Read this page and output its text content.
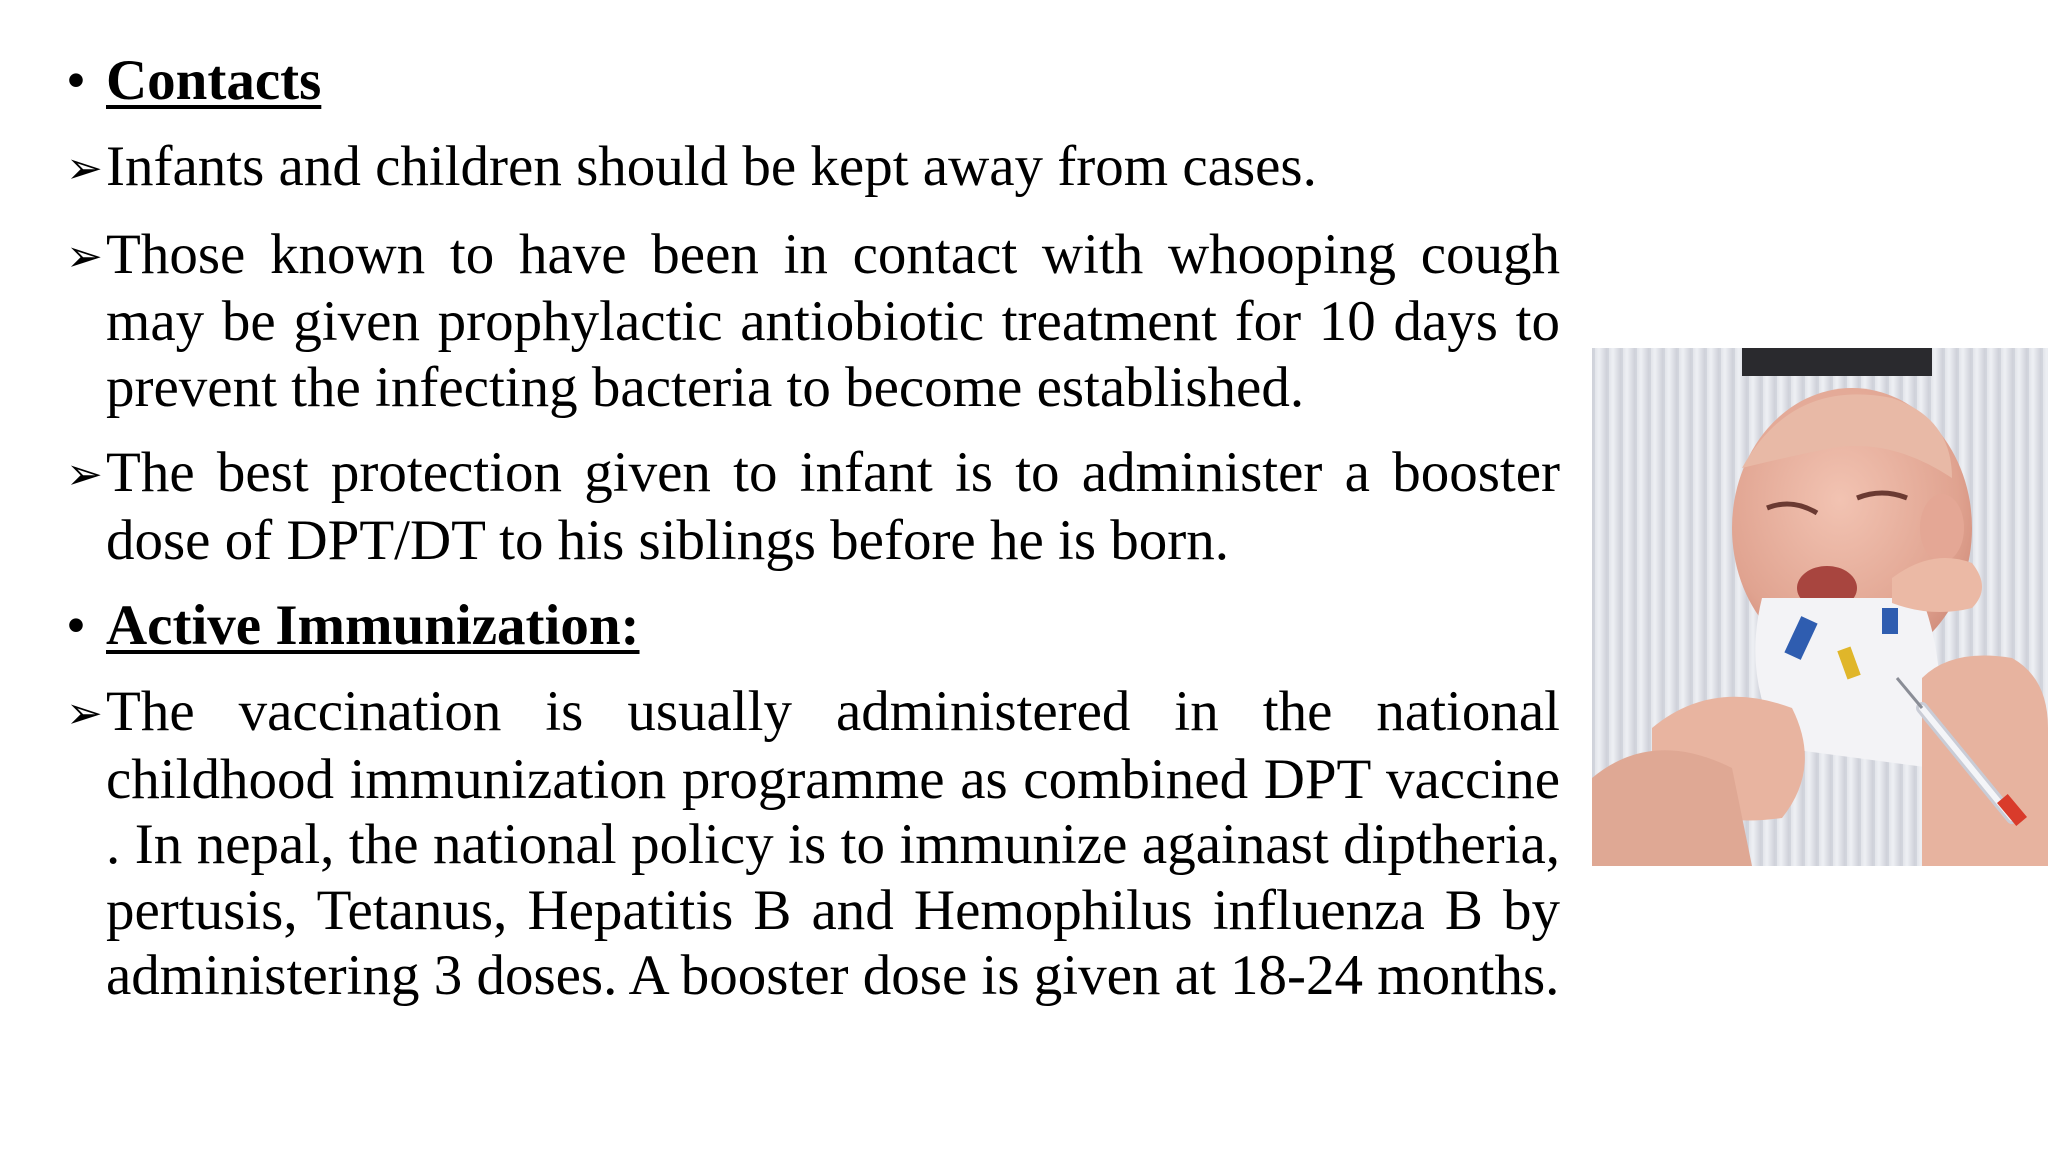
• Contacts

➢Infants and children should be kept away from cases.

➢Those known to have been in contact with whooping cough may be given prophylactic antiobiotic treatment for 10 days to prevent the infecting bacteria to become established.

➢The best protection given to infant is to administer a booster dose of DPT/DT to his siblings before he is born.

• Active Immunization:

➢The vaccination is usually administered in the national childhood immunization programme as combined DPT vaccine . In nepal, the national policy is to immunize againast diptheria, pertusis, Tetanus, Hepatitis B and Hemophilus influenza B by administering 3 doses. A booster dose is given at 18-24 months.
